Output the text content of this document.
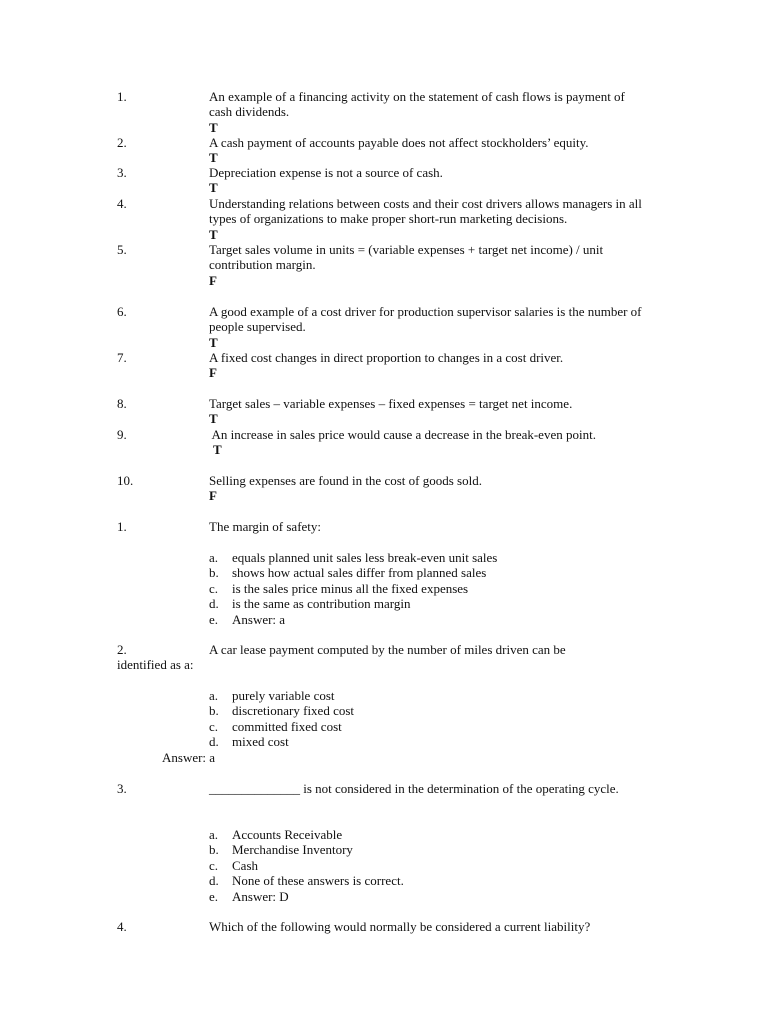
1.	An example of a financing activity on the statement of cash flows is payment of cash dividends.
T
2.	A cash payment of accounts payable does not affect stockholders’ equity.
T
3.	Depreciation expense is not a source of cash.
T
4.	Understanding relations between costs and their cost drivers allows managers in all types of organizations to make proper short-run marketing decisions.
T
5.	Target sales volume in units = (variable expenses + target net income) / unit contribution margin.
F
6.	A good example of a cost driver for production supervisor salaries is the number of people supervised.
T
7.	A fixed cost changes in direct proportion to changes in a cost driver.
F
8.	Target sales – variable expenses – fixed expenses = target net income.
T
9.	An increase in sales price would cause a decrease in the break-even point.
T
10.	Selling expenses are found in the cost of goods sold.
F
1.	The margin of safety:
a. equals planned unit sales less break-even unit sales
b. shows how actual sales differ from planned sales
c. is the sales price minus all the fixed expenses
d. is the same as contribution margin
e. Answer: a
2.	A car lease payment computed by the number of miles driven can be
identified as a:
a. purely variable cost
b. discretionary fixed cost
c. committed fixed cost
d. mixed cost
Answer: a
3.	______________ is not considered in the determination of the operating cycle.
a. Accounts Receivable
b. Merchandise Inventory
c. Cash
d. None of these answers is correct.
e. Answer: D
4.	Which of the following would normally be considered a current liability?
